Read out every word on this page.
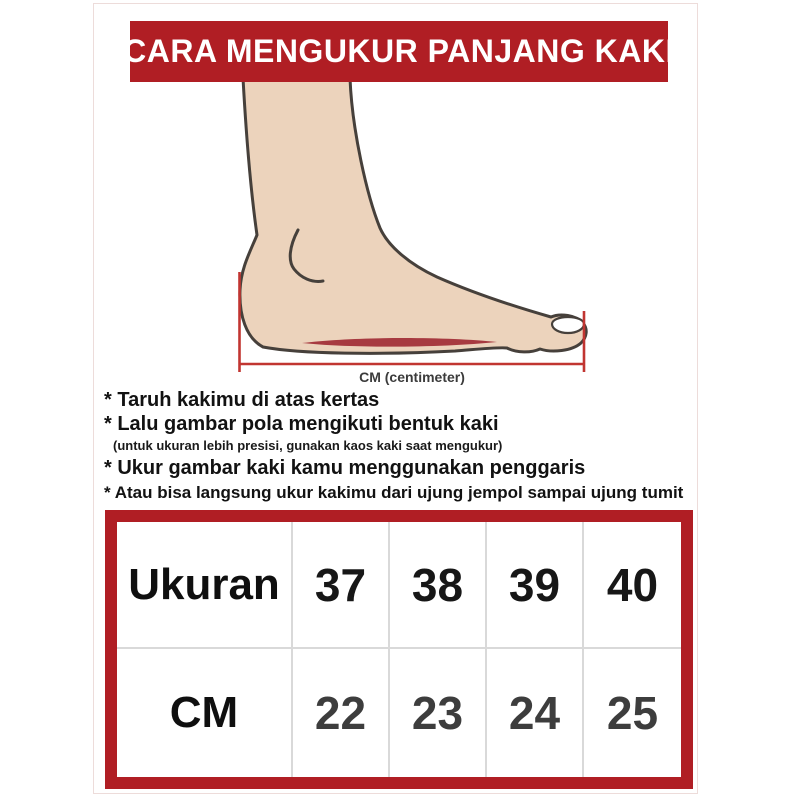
CARA MENGUKUR PANJANG KAKI
CM (centimeter)
* Taruh kakimu di atas kertas
* Lalu gambar pola mengikuti bentuk kaki
(untuk ukuran lebih presisi, gunakan kaos kaki saat mengukur)
* Ukur gambar kaki kamu menggunakan penggaris
* Atau bisa langsung ukur kakimu dari ujung jempol sampai ujung tumit
Ukuran 37 38 39 40
CM 22 23 24 25
